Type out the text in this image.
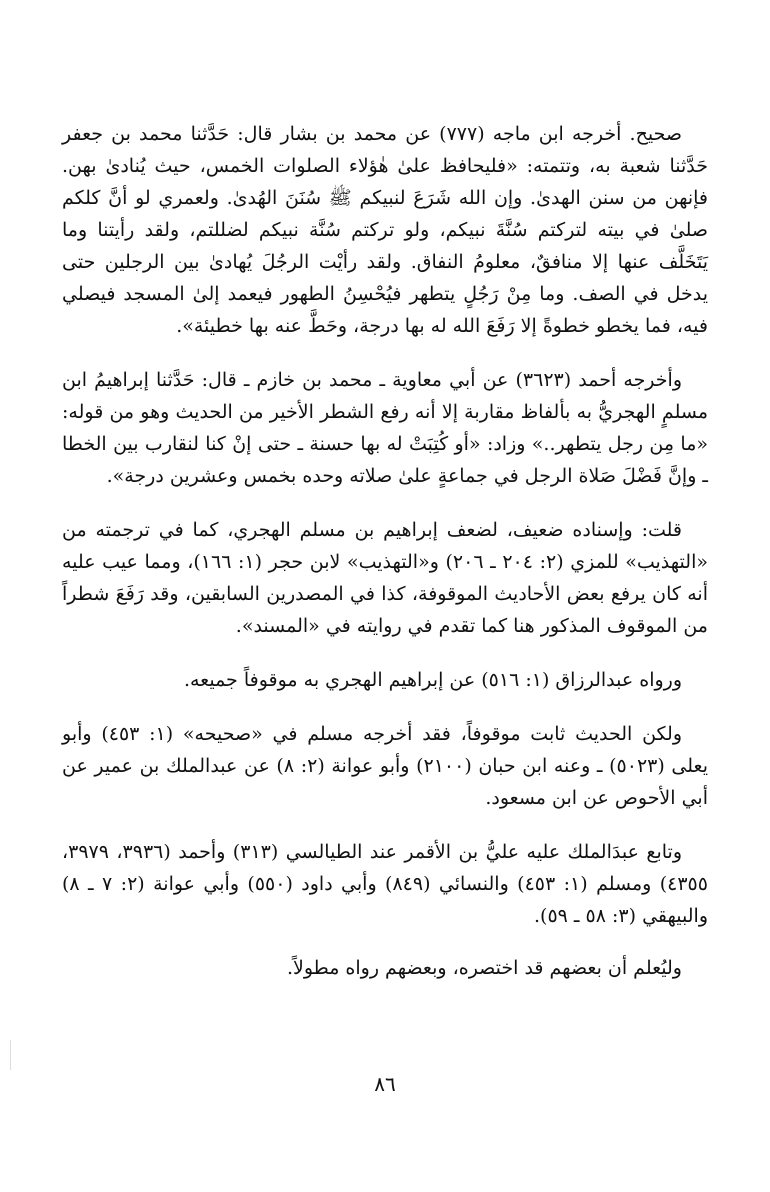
صحيح. أخرجه ابن ماجه (٧٧٧) عن محمد بن بشار قال: حَدَّثنا محمد بن جعفر حَدَّثنا شعبة به، وتتمته: «فليحافظ علىٰ هٰؤلاء الصلوات الخمس، حيث يُنادىٰ بهن. فإنهن من سنن الهدىٰ. وإن الله شَرَعَ لنبيكم ﷺ سُنَنَ الهُدىٰ. ولعمري لو أنَّ كلكم صلىٰ في بيته لتركتم سُنَّةَ نبيكم، ولو تركتم سُنَّة نبيكم لضللتم، ولقد رأيتنا وما يَتَخَلَّف عنها إلا منافقٌ، معلومُ النفاق. ولقد رأيْت الرجُلَ يُهادىٰ بين الرجلين حتى يدخل في الصف. وما مِنْ رَجُلٍ يتطهر فيُحْسِنُ الطهور فيعمد إلىٰ المسجد فيصلي فيه، فما يخطو خطوةً إلا رَفَعَ الله له بها درجة، وحَطَّ عنه بها خطيئة».

وأخرجه أحمد (٣٦٢٣) عن أبي معاوية ـ محمد بن خازم ـ قال: حَدَّثنا إبراهيمُ ابن مسلمٍ الهجريُّ به بألفاظ مقاربة إلا أنه رفع الشطر الأخير من الحديث وهو من قوله: «ما مِن رجل يتطهر..» وزاد: «أو كُتِبَتْ له بها حسنة ـ حتى إنْ كنا لنقارب بين الخطا ـ وإنَّ فَضْلَ صَلاة الرجل في جماعةٍ علىٰ صلاته وحده بخمس وعشرين درجة».

قلت: وإسناده ضعيف، لضعف إبراهيم بن مسلم الهجري، كما في ترجمته من «التهذيب» للمزي (٢: ٢٠٤ ـ ٢٠٦) و«التهذيب» لابن حجر (١: ١٦٦)، ومما عيب عليه أنه كان يرفع بعض الأحاديث الموقوفة، كذا في المصدرين السابقين، وقد رَفَعَ شطراً من الموقوف المذكور هنا كما تقدم في روايته في «المسند».

ورواه عبدالرزاق (١: ٥١٦) عن إبراهيم الهجري به موقوفاً جميعه.

ولكن الحديث ثابت موقوفاً، فقد أخرجه مسلم في «صحيحه» (١: ٤٥٣) وأبو يعلى (٥٠٢٣) ـ وعنه ابن حبان (٢١٠٠) وأبو عوانة (٢: ٨) عن عبدالملك بن عمير عن أبي الأحوص عن ابن مسعود.

وتابع عبدَالملك عليه عليُّ بن الأقمر عند الطيالسي (٣١٣) وأحمد (٣٩٣٦، ٣٩٧٩، ٤٣٥٥) ومسلم (١: ٤٥٣) والنسائي (٨٤٩) وأبي داود (٥٥٠) وأبي عوانة (٢: ٧ ـ ٨) والبيهقي (٣: ٥٨ ـ ٥٩).

وليُعلم أن بعضهم قد اختصره، وبعضهم رواه مطولاً.

٨٦
